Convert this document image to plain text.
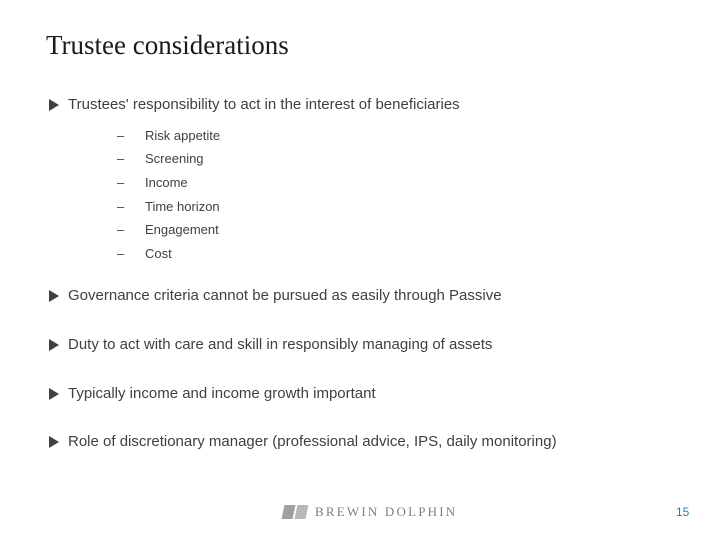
Trustee considerations
Trustees' responsibility to act in the interest of beneficiaries
–	Risk appetite
–	Screening
–	Income
–	Time horizon
–	Engagement
–	Cost
Governance criteria cannot be pursued as easily through Passive
Duty to act with care and skill in responsibly managing of assets
Typically income and income growth important
Role of discretionary manager (professional advice, IPS, daily monitoring)
BREWIN DOLPHIN	15
